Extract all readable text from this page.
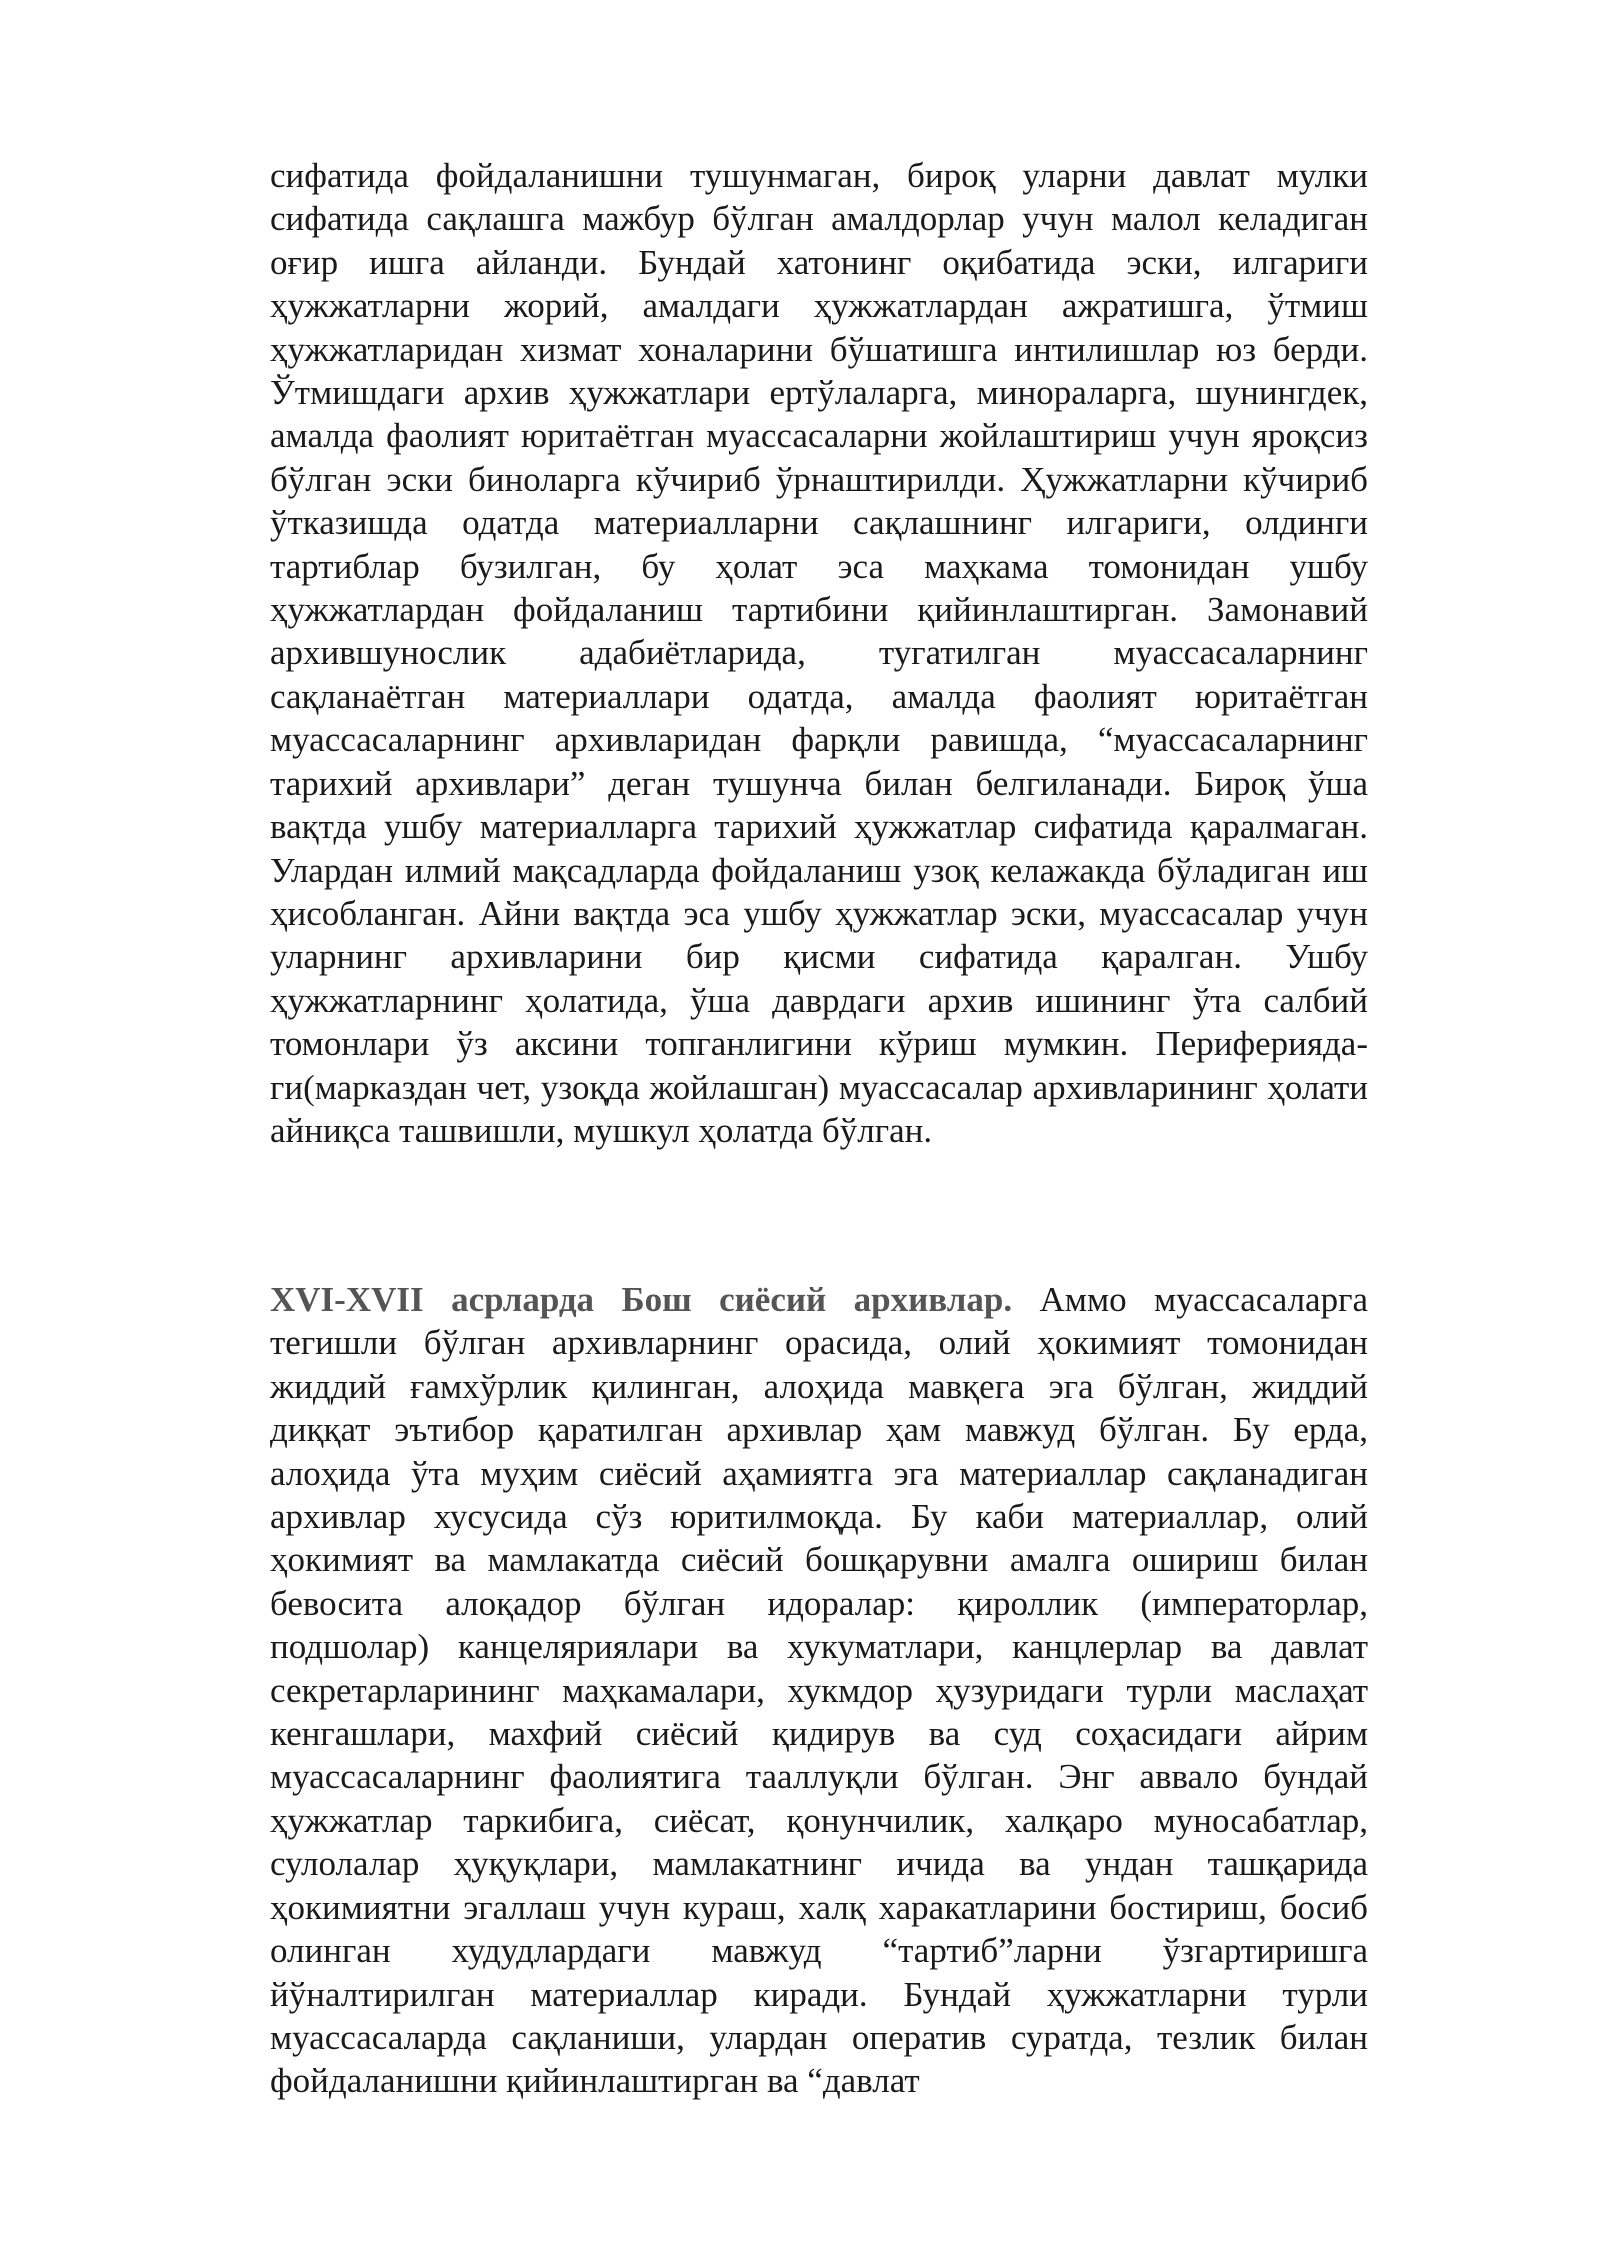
сифатида фойдаланишни тушунмаган, бироқ уларни давлат мулки сифатида сақлашга мажбур бўлган амалдорлар учун малол келадиган оғир ишга айланди. Бундай хатонинг оқибатида эски, илгариги ҳужжатларни жорий, амалдаги ҳужжатлардан ажратишга, ўтмиш ҳужжатларидан хизмат хоналарини бўшатишга интилишлар юз берди. Ўтмишдаги архив ҳужжатлари ертўлаларга, миноралaрга, шунингдек, амалда фаолият юритаётган муассасаларни жойлаштириш учун яроқсиз бўлган эски биноларга кўчириб ўрнаштирилди. Ҳужжатларни кўчириб ўтказишда одатда материалларни сақлашнинг илгариги, олдинги тартиблар бузилган, бу ҳолат эса маҳкама томонидан ушбу ҳужжатлардан фойдаланиш тартибини қийинлаштирган. Замонавий архившунослик адабиётларида, тугатилган муассасаларнинг сақланаётган материаллари одатда, амалда фаолият юритаётган муассасаларнинг архивларидан фарқли равишда, “муассасаларнинг тарихий архивлари” деган тушунча билан белгиланади. Бироқ ўша вақтда ушбу материалларга тарихий ҳужжатлар сифатида қаралмаган. Улардан илмий мақсадларда фойдаланиш узоқ келажакда бўладиган иш ҳисобланган. Айни вақтда эса ушбу ҳужжатлар эски, муассасалар учун уларнинг архивларини бир қисми сифатида қаралган. Ушбу ҳужжатларнинг ҳолатида, ўша даврдаги архив ишининг ўта салбий томонлари ўз аксини топганлигини кўриш мумкин. Перифериядаги(марказдан чет, узоқда жойлашган) муассасалар архивларининг ҳолати айниқса ташвишли, мушкул ҳолатда бўлган.

XVI-XVII асрларда Бош сиёсий архивлар. Аммо муассасаларга тегишли бўлган архивларнинг орасида, олий ҳокимият томонидан жиддий ғамхўрлик қилинган, алоҳида мавқега эга бўлган, жиддий диққат эътибор қаратилган архивлар ҳам мавжуд бўлган. Бу ерда, алоҳида ўта муҳим сиёсий аҳамиятга эга материаллар сақланадиган архивлар хусусида сўз юритилмоқда. Бу каби материаллар, олий ҳокимият ва мамлакатда сиёсий бошқарувни амалга ошириш билан бевосита алоқадор бўлган идоралар: қироллик (императорлар, подшолар) канцеляриялари ва хукуматлари, канцлерлар ва давлат секретарларининг маҳкамалари, хукмдор ҳузуридаги турли маслаҳат кенгашлари, махфий сиёсий қидирув ва суд соҳасидаги айрим муассасаларнинг фаолиятига тааллуқли бўлган. Энг аввало бундай ҳужжатлар таркибига, сиёсат, қонунчилик, халқаро муносабатлар, сулолалар ҳуқуқлари, мамлакатнинг ичида ва ундан ташқарида ҳокимиятни эгаллаш учун кураш, халқ харакатларини бостириш, босиб олинган худудлардаги мавжуд “тартиб”ларни ўзгартиришга йўналтирилган материаллар киради. Бундай ҳужжатларни турли муассасаларда сақланиши, улардан оператив суратда, тезлик билан фойдаланишни қийинлаштирган ва “давлат
